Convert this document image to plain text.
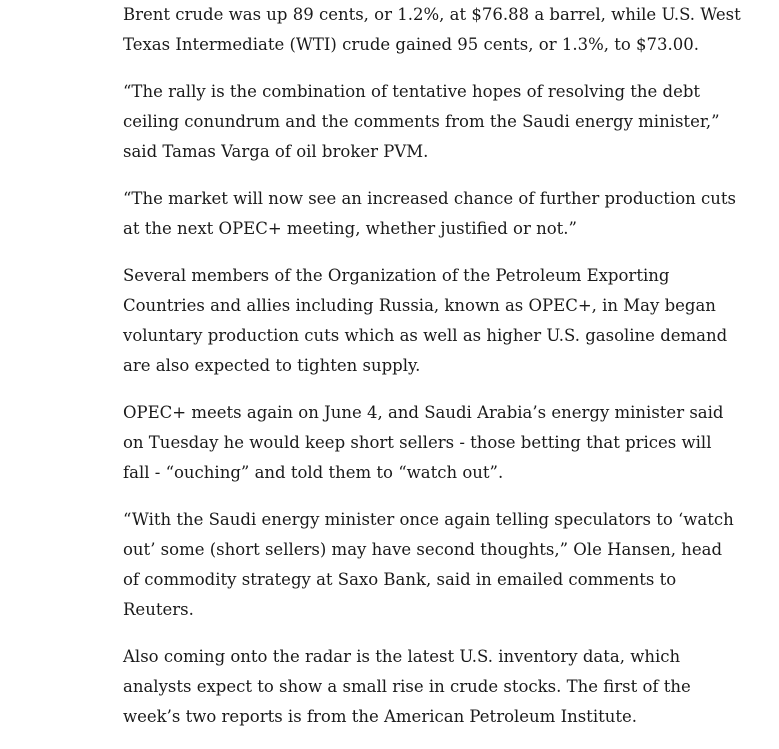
Brent crude was up 89 cents, or 1.2%, at $76.88 a barrel, while U.S. West Texas Intermediate (WTI) crude gained 95 cents, or 1.3%, to $73.00.

“The rally is the combination of tentative hopes of resolving the debt ceiling conundrum and the comments from the Saudi energy minister,” said Tamas Varga of oil broker PVM.

“The market will now see an increased chance of further production cuts at the next OPEC+ meeting, whether justified or not.”

Several members of the Organization of the Petroleum Exporting Countries and allies including Russia, known as OPEC+, in May began voluntary production cuts which as well as higher U.S. gasoline demand are also expected to tighten supply.

OPEC+ meets again on June 4, and Saudi Arabia’s energy minister said on Tuesday he would keep short sellers - those betting that prices will fall - “ouching” and told them to “watch out”.

“With the Saudi energy minister once again telling speculators to ‘watch out’ some (short sellers) may have second thoughts,” Ole Hansen, head of commodity strategy at Saxo Bank, said in emailed comments to Reuters.

Also coming onto the radar is the latest U.S. inventory data, which analysts expect to show a small rise in crude stocks. The first of the week’s two reports is from the American Petroleum Institute.
